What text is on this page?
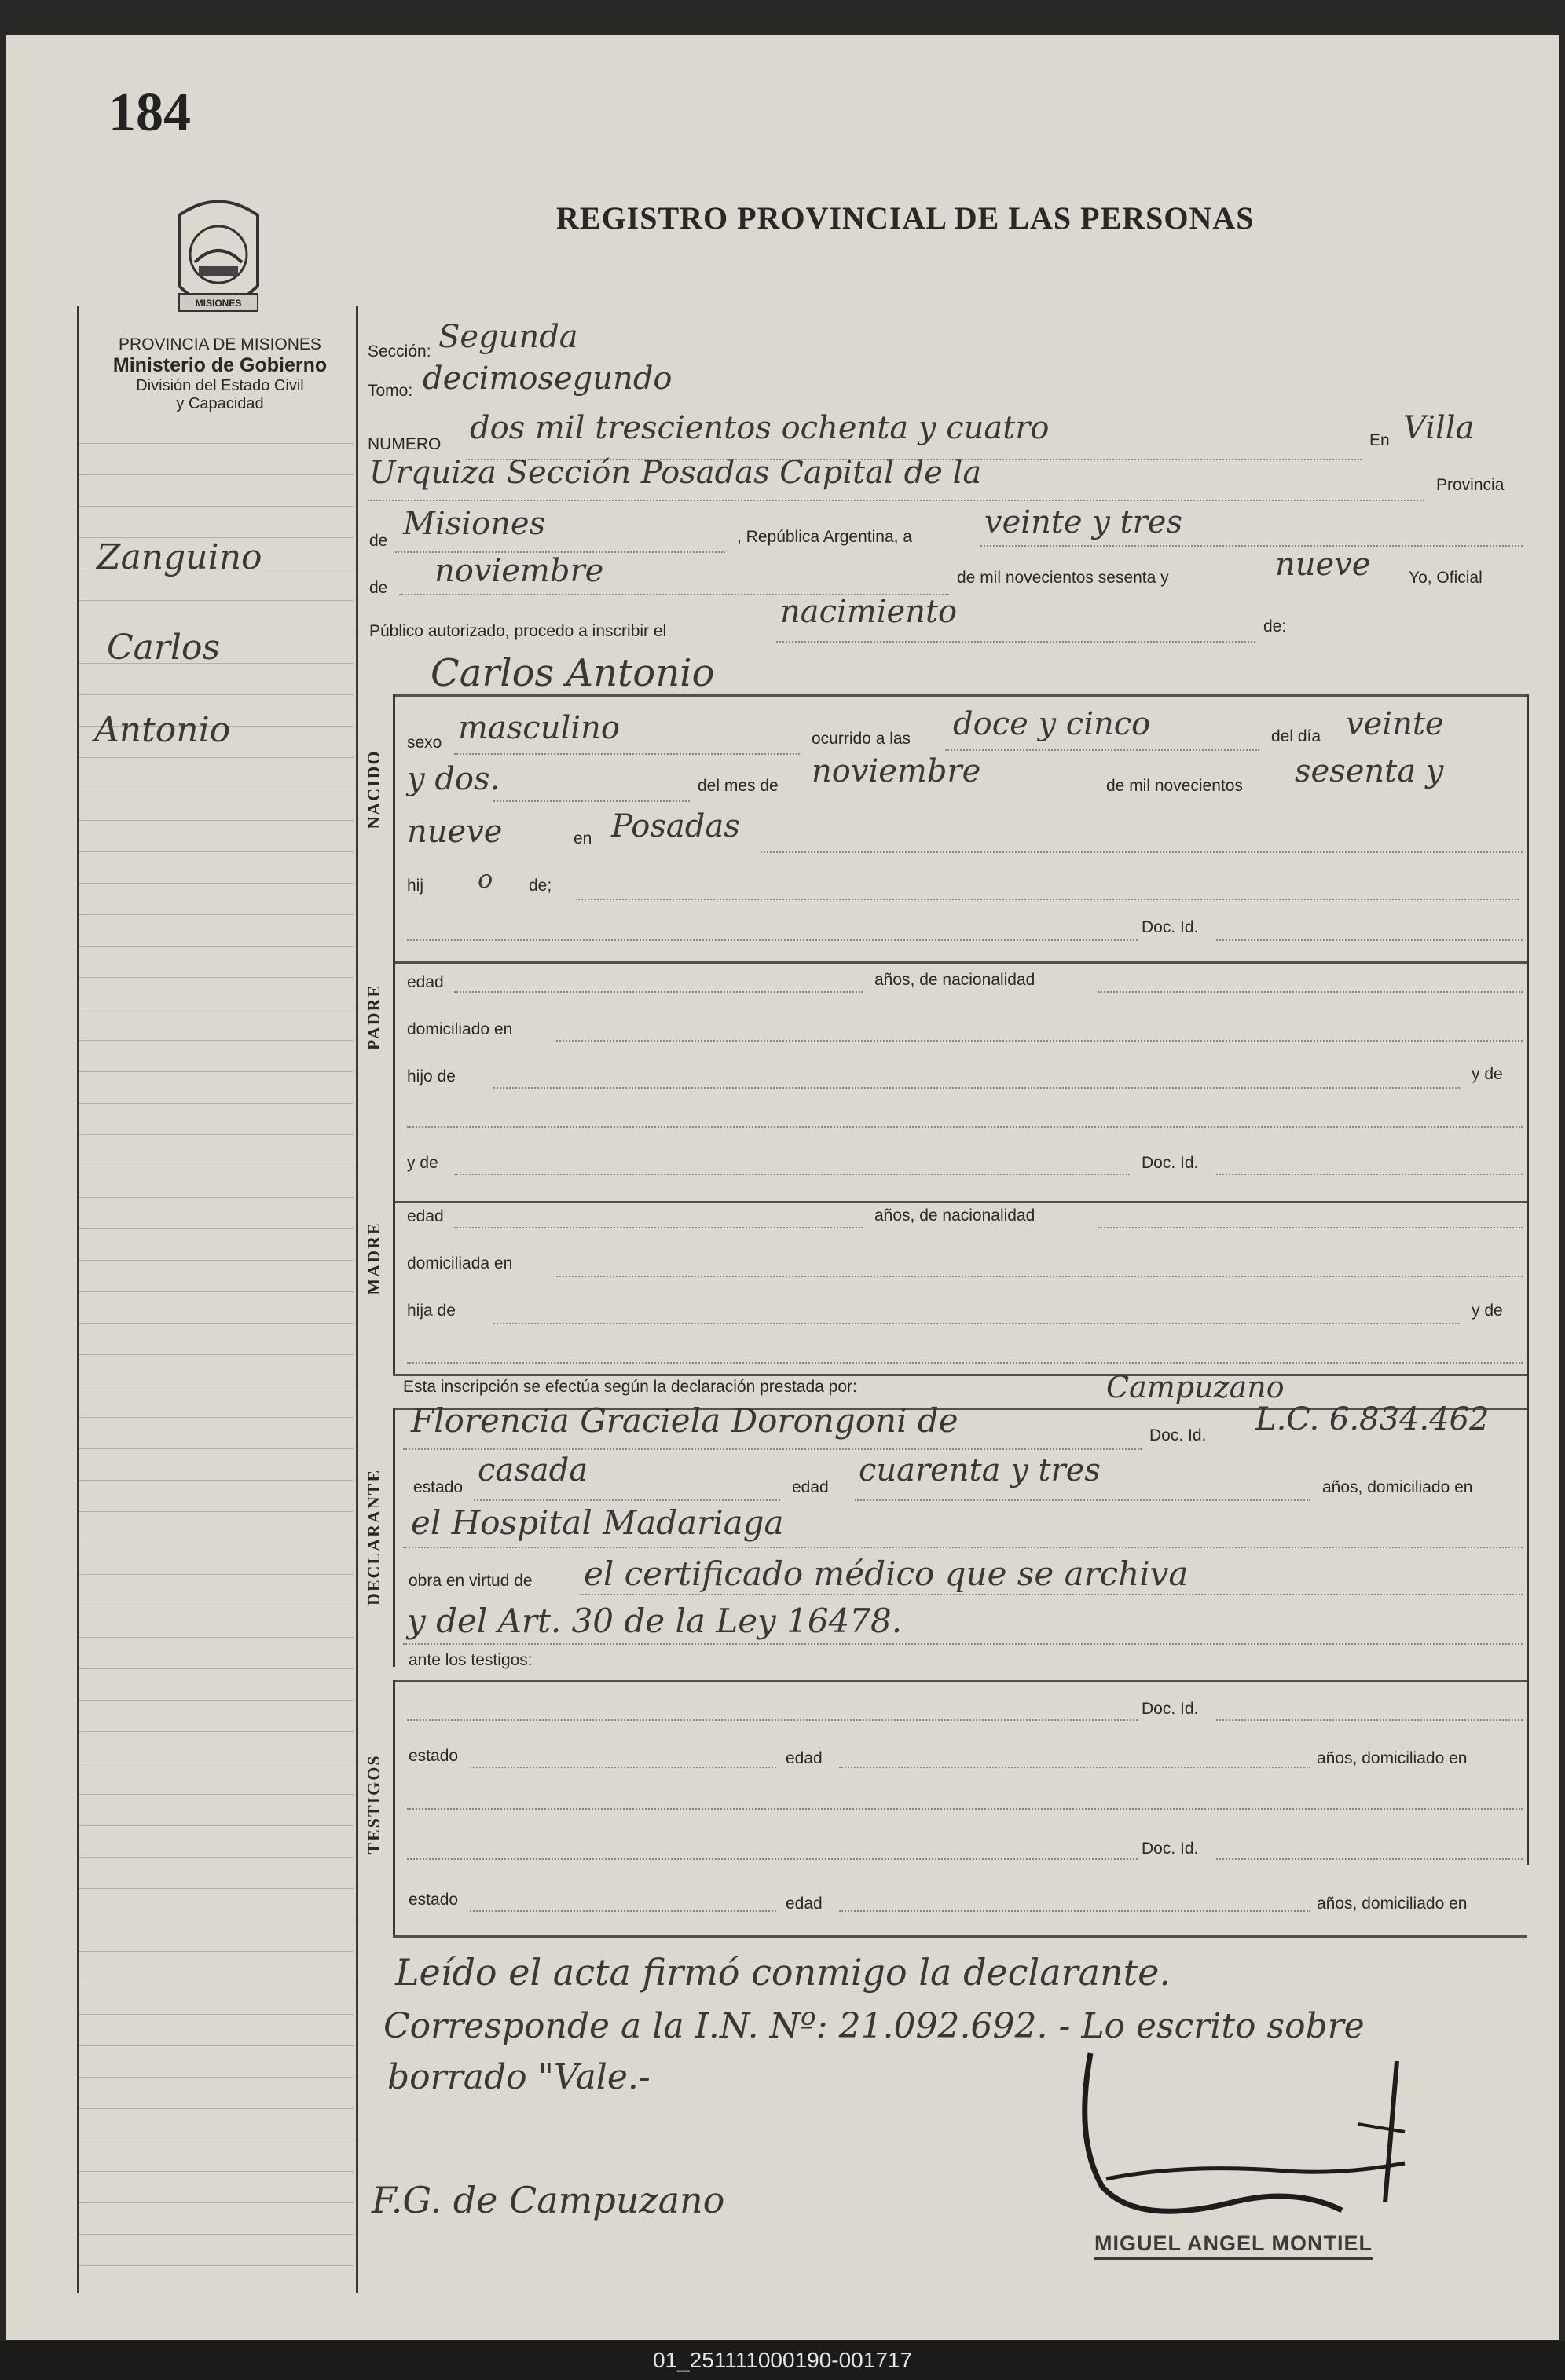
184
MISIONES
PROVINCIA DE MISIONES
Ministerio de Gobierno
División del Estado Civil
y Capacidad
REGISTRO PROVINCIAL DE LAS PERSONAS
Zanguino
Carlos
Antonio
Sección: Segunda
Tomo: decimosegundo
NUMERO dos mil trescientos ochenta y cuatro	En Villa
Urquiza Sección Posadas Capital de la	Provincia
de Misiones	, República Argentina, a veinte y tres
de noviembre	de mil novecientos sesenta y	nueve Yo, Oficial
Público autorizado, procedo a inscribir el
nacimiento	de:
NACIDO
Carlos Antonio
sexo masculino	ocurrido a las doce y cinco	del día veinte
y dos.	del mes de noviembre	de mil novecientos sesenta y
nueve	en Posadas
hij o de;
Doc. Id.
PADRE
edad	años, de nacionalidad
domiciliado en
hijo de	y de
MADRE
y de	Doc. Id.
edad	años, de nacionalidad
domiciliada en
hija de	y de
Esta inscripción se efectúa según la declaración prestada por:
DECLARANTE
Florencia Graciela Dorongoni de
Campuzano
Doc. Id. L.C. 6.834.462
estado casada	edad cuarenta y tres	años, domiciliado en
el Hospital Madariaga
obra en virtud de el certificado médico que se archiva
y del Art. 30 de la Ley 16478.
ante los testigos:
TESTIGOS
Doc. Id.
estado	edad	años, domiciliado en
Doc. Id.
estado	edad	años, domiciliado en
Leído el acta firmó conmigo la declarante.
Corresponde a la I.N. Nº: 21.092.692. - Lo escrito sobre
borrado "Vale.-
F.G. de Campuzano
MIGUEL ANGEL MONTIEL
01_251111000190-001717
